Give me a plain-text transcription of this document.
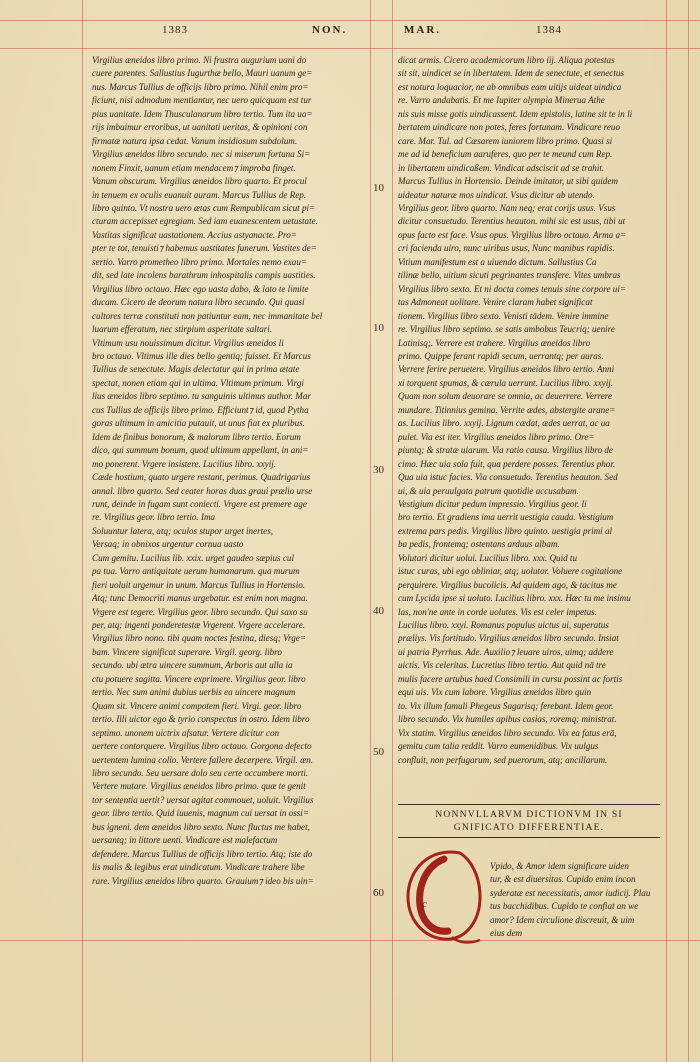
1383	NON.	MAR.	1384
Virgilius æneidos libro primo. Ni frustra augurium uani do
cuere parentes. Sallustius Iugurthæ bello, Mauri uanum ge=
nus. Marcus Tullius de officijs libro primo. Nihil enim pro=
ficiunt, nisi admodum mentiantur, nec uero quicquam est tur
pius uanitate. Idem Thusculanarum libro tertio. Tum ita ua=
rijs imbuimur erroribus, ut uanitati ueritas, & opinioni con
firmatæ natura ipsa cedat. Vanum insidiosum subdolum.
Virgilius æneidos libro secundo. nec si miserum fortuna Si=
nonem Finxit, uanum etiam mendacem⁊ improba finget.
Vanum obscurum. Virgilius æneidos libro quarto. Et procul
in tenuem ex oculis euanuit auram. Marcus Tullius de Rep.
libro quinto. Vt nostra uero ætas cum Rempublicam sicut pi=
cturam accepisset egregiam. Sed iam euanescentem uetustate.
Vastitas significat uastationem. Accius astyanacte. Pro=
pter te tot, tenuisti⁊ habemus uastitates funerum. Vastites de=
sertio. Varro prometheo libro primo. Mortales nemo exau=
dit, sed late incolens barathrum inhospitalis campis uastities.
Virgilius libro octauo. Hæc ego uasta dabo, & lato te limite
ducam. Cicero de deorum natura libro secundo. Qui quasi
cultores terræ constituti non patiuntur eam, nec immanitate bel
luarum efferatum, nec stirpium asperitate saltari.
Vltimum usu nouissimum dicitur. Virgilius æneidos li
bro octauo. Vltimus ille dies bello gentiq; fuisset. Et Marcus
Tullius de senectute. Magis delectatur qui in prima ætate
spectat, nonen etiam qui in ultima. Vltimum primum. Virgi
lius æneidos libro septimo. tu sanguinis ultimus author. Mar
cus Tullius de officijs libro primo. Efficiunt⁊ id, quod Pytha
goras ultimum in amicitia putauit, ut unus fiat ex pluribus.
Idem de finibus bonorum, & malorum libro tertio. Eorum
dico, qui summum bonum, quod ultimum appellant, in ani=
mo ponerent. Vrgere insistere. Lucilius libro. xxyij.
Cæde hostium, quato urgere restant, perimus. Quadrigarius
annal. libro quarto. Sed ceater horas duas graui prælio urse
runt, deinde in fugam sunt coniecti. Vrgere est premere age
re. Virgilius geor. libro tertio. Ima
Soluuntur latera, atq; oculos stupor urget inertes,
Versaq; in obnixos urgentur cornua uasto
Cum gemitu. Lucilius lib. xxix. urget gaudeo sæpius cul
pa tua. Varro antiquitate uerum humanarum. qua murum
fieri uoluit urgemur in unum. Marcus Tullius in Hortensio.
Atq; tunc Democriti manus urgebatur. est enim non magna.
Vrgere est tegere. Virgilius geor. libro secundo. Qui saxo su
per, atq; ingenti ponderetestæ Vrgerent. Vrgere accelerare.
Virgilius libro nono. tibi quam noctes festina, diesq; Vrge=
bam. Vincere significat superare. Virgil. georg. libro
secundo. ubi ætra uincere summum, Arboris aut ulla ia
ctu potuere sagitta. Vincere exprimere. Virgilius geor. libro
tertio. Nec sum animi dubius uerbis ea uincere magnum
Quam sit. Vincere animi compotem fieri. Virgi. geor. libro
tertio. Illi uictor ego & tyrio conspectus in ostro. Idem libro
septimo. unonem uictrix afsatur. Vertere dicitur con
uertere contorquere. Virgilius libro octauo. Gorgona defecto
uertentem lumina collo. Vertere fallere decerpere. Virgil. æn.
libro secundo. Seu uersare dolo seu certe occumbere morti.
Vertere mutare. Virgilius æneidos libro primo. quæ te genit
tor sententia uertit? uersat agitat commouet, uoluit. Virgilius
geor. libro tertio. Quid iuuenis, magnum cui uersat in ossi=
bus igneni. dem æneidos libro sexto. Nunc fluctus me habet,
uersantq; in littore uenti. Vindicare est malefactum
defendere. Marcus Tullius de officijs libro tertio. Atq; iste do
lis malis & legibus erat uindicatum. Vindicare trahere libe
rare. Virgilius æneidos libro quarto. Grauium⁊ ideo bis uin=
10
10
30
40
50
60
dicat armis. Cicero academicorum libro iij. Aliqua potestas
sit sit, uindicet se in libertatem. Idem de senectute, et senectus
est natura loquacior, ne ab omnibus eam uitijs uideat uindica
re. Varro andabatis. Et me Iupiter olympia Minerua Athe
nis suis misse gotis uindicassent. Idem epistolis, latine sit te in li
bertatem uindicare non potes, feres fortunam. Vindicare reuo
care. Mar. Tul. ad Cæsarem iuniorem libro primo. Quasi si
me ad id beneficium aaruferes, quo per te meund cum Rep.
in libertatem uindicaßem. Vindicat adsciscit ad se trahit.
Marcus Tullius in Hortensio. Deinde imitator, ut sibi quidem
uideatur naturæ mos uindicat. Vsus dicitur ab utendo.
Virgilius geor. libro quarto. Nam neq; erat corijs usus. Vsus
dicitur consuetudo. Terentius heauton. mihi sic est usus, tibi ut
opus facto est face. Vsus opus. Virgilius libro octauo. Arma a=
cri facienda uiro, nunc uiribus usus, Nunc manibus rapidis.
Vitium manifestum est a uiuendo dictum. Sallustius Ca
tilinæ bello, uitium sicuti pegrinantes transfere. Vites umbras
Virgilius libro sexto. Et ni docta comes tenuis sine corpore ui=
tas Admoneat uolitare. Venire claram habet significat
tionem. Virgilius libro sexto. Venisti tādem. Venire immine
re. Virgilius libro septimo. se satis ambobus Teucriq; uenire
Latinisq;. Verrere est trahere. Virgilius æneidos libro
primo. Quippe ferant rapidi secum, uerrantq; per auras.
Verrere ferire peruetere. Virgilius æneidos libro tertio. Anni
xi torquent spumas, & cærula uerrunt. Lucilius libro. xxyij.
Quam non solum deuorare se omnia, ac deuerrere. Verrere
mundare. Titinnius gemina. Verrite ædes, abstergite arane=
as. Lucilius libro. xxyij. Lignum cædat, ædes uerrat, ac ua
pulet. Via est iter. Virgilius æneidos libro primo. Ore=
piuntq; & stratæ uiarum. Via ratio causa. Virgilius libro de
cimo. Hæc uia sola fuit, qua perdere posses. Terentius phor.
Qua uia istuc facies. Via consuetudo. Terentius heauton. Sed
ui, & uia peruulgata patrum quotidie accusabam.
Vestigium dicitur pedum impressio. Virgilius geor. li
bro tertio. Et gradiens ima uerrit uestigia cauda. Vestigium
extrema pars pedis. Virgilius libro quinto. uestigia primi al
ba pedis, frontemq; ostentans arduus albam.
Volutari dicitur uolui. Lucilius libro. xxx. Quid tu
istuc curas, ubi ego obliniar, atq; uolutor. Voluere cogitatione
perquirere. Virgilius bucolicis. Ad quidem ago, & tacitus me
cum Lycida ipse si uoluto. Lucilius libro. xxx. Hæc tu me insimu
las, non'ne ante in corde uolutes. Vis est celer impetus.
Lucilius libro. xxyi. Romanus populus uictus ui, superatus
præliys. Vis fortitudo. Virgilius æneidos libro secundo. Insiat
ui patria Pyrrhus. Ade. Auxilio⁊ leuare uiros, uimq; addere
uictis. Vis celeritas. Lucretius libro tertio. Aut quid nā tre
mulis facere artubus haed Consimili in cursu possint ac fortis
equi uis. Vix cum labore. Virgilius æneidos libro quin
to. Vix illum famuli Phegeus Sagarisq; ferebant. Idem geor.
libro secundo. Vix humiles apibus casias, roremq; ministrat.
Vix statim. Virgilius æneidos libro secundo. Vix ea fatus erā,
gemitu cum talia reddit. Varro eumenidibus. Vix uulgus
confluit, non perfugarum, sed puerorum, atq; ancillarum.
NONNVLLARVM DICTIONVM IN SI
GNIFICATO DIFFERENTIAE.
c
Vpido, & Amor idem significare uiden
tur, & est diuersitas. Cupido enim incon
syderatæ est necessitatis, amor iudicij. Plau
tus bacchidibus. Cupido te confiat an we
amor? Idem circulione discreuit, & uim
eius dem
